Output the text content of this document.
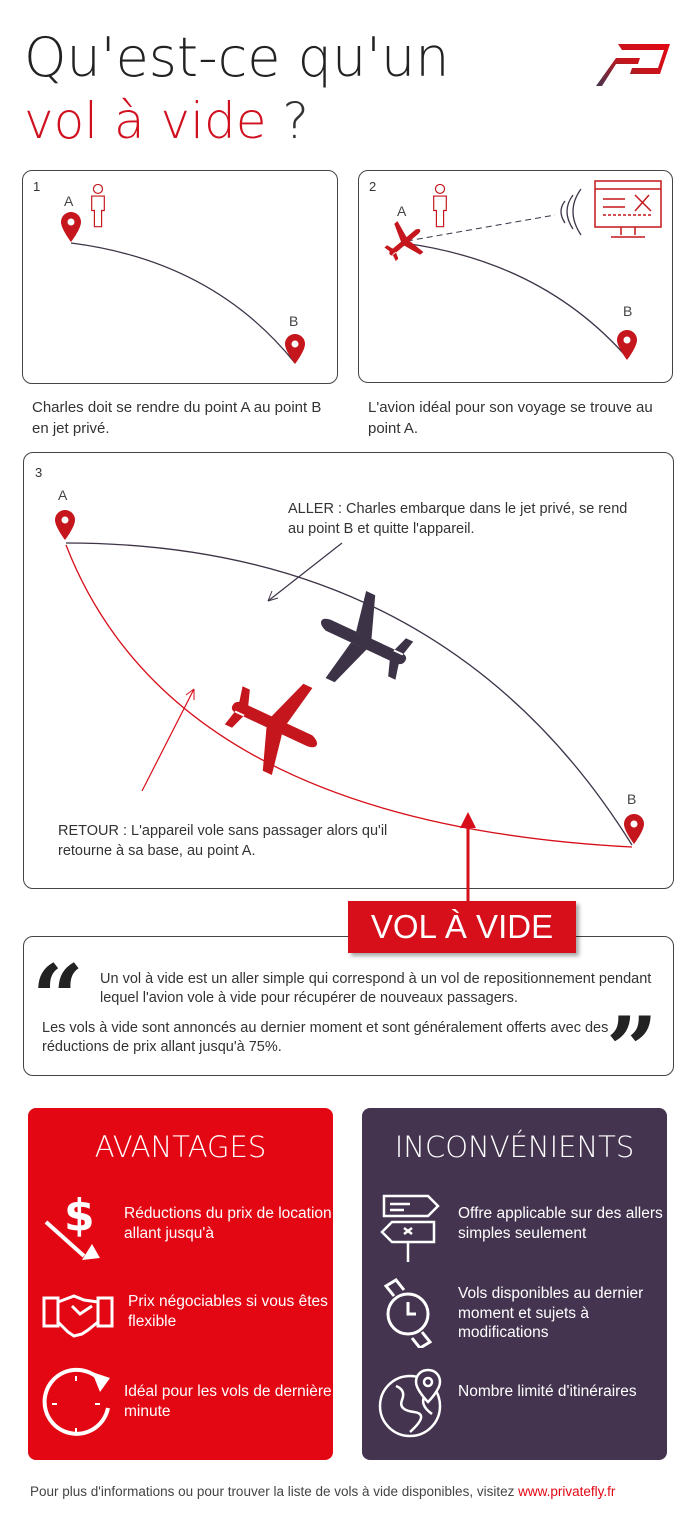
Qu'est-ce qu'un
vol à vide ?
1
A
B
Charles doit se rendre du point A au point B en jet privé.
2
A
B
L'avion idéal pour son voyage se trouve au point A.
3
A
B
ALLER : Charles embarque dans le jet privé, se rend au point B et quitte l'appareil.
RETOUR : L'appareil vole sans passager alors qu'il retourne à sa base, au point A.
VOL À VIDE
“ Un vol à vide est un aller simple qui correspond à un vol de repositionnement pendant lequel l'avion vole à vide pour récupérer de nouveaux passagers.
Les vols à vide sont annoncés au dernier moment et sont généralement offerts avec des réductions de prix allant jusqu'à 75%.	”
AVANTAGES
$ Réductions du prix de location allant jusqu'à
Prix négociables si vous êtes flexible
Idéal pour les vols de dernière minute
INCONVÉNIENTS
Offre applicable sur des allers simples seulement
Vols disponibles au dernier moment et sujets à modifications
Nombre limité d'itinéraires
Pour plus d'informations ou pour trouver la liste de vols à vide disponibles, visitez www.privatefly.fr
